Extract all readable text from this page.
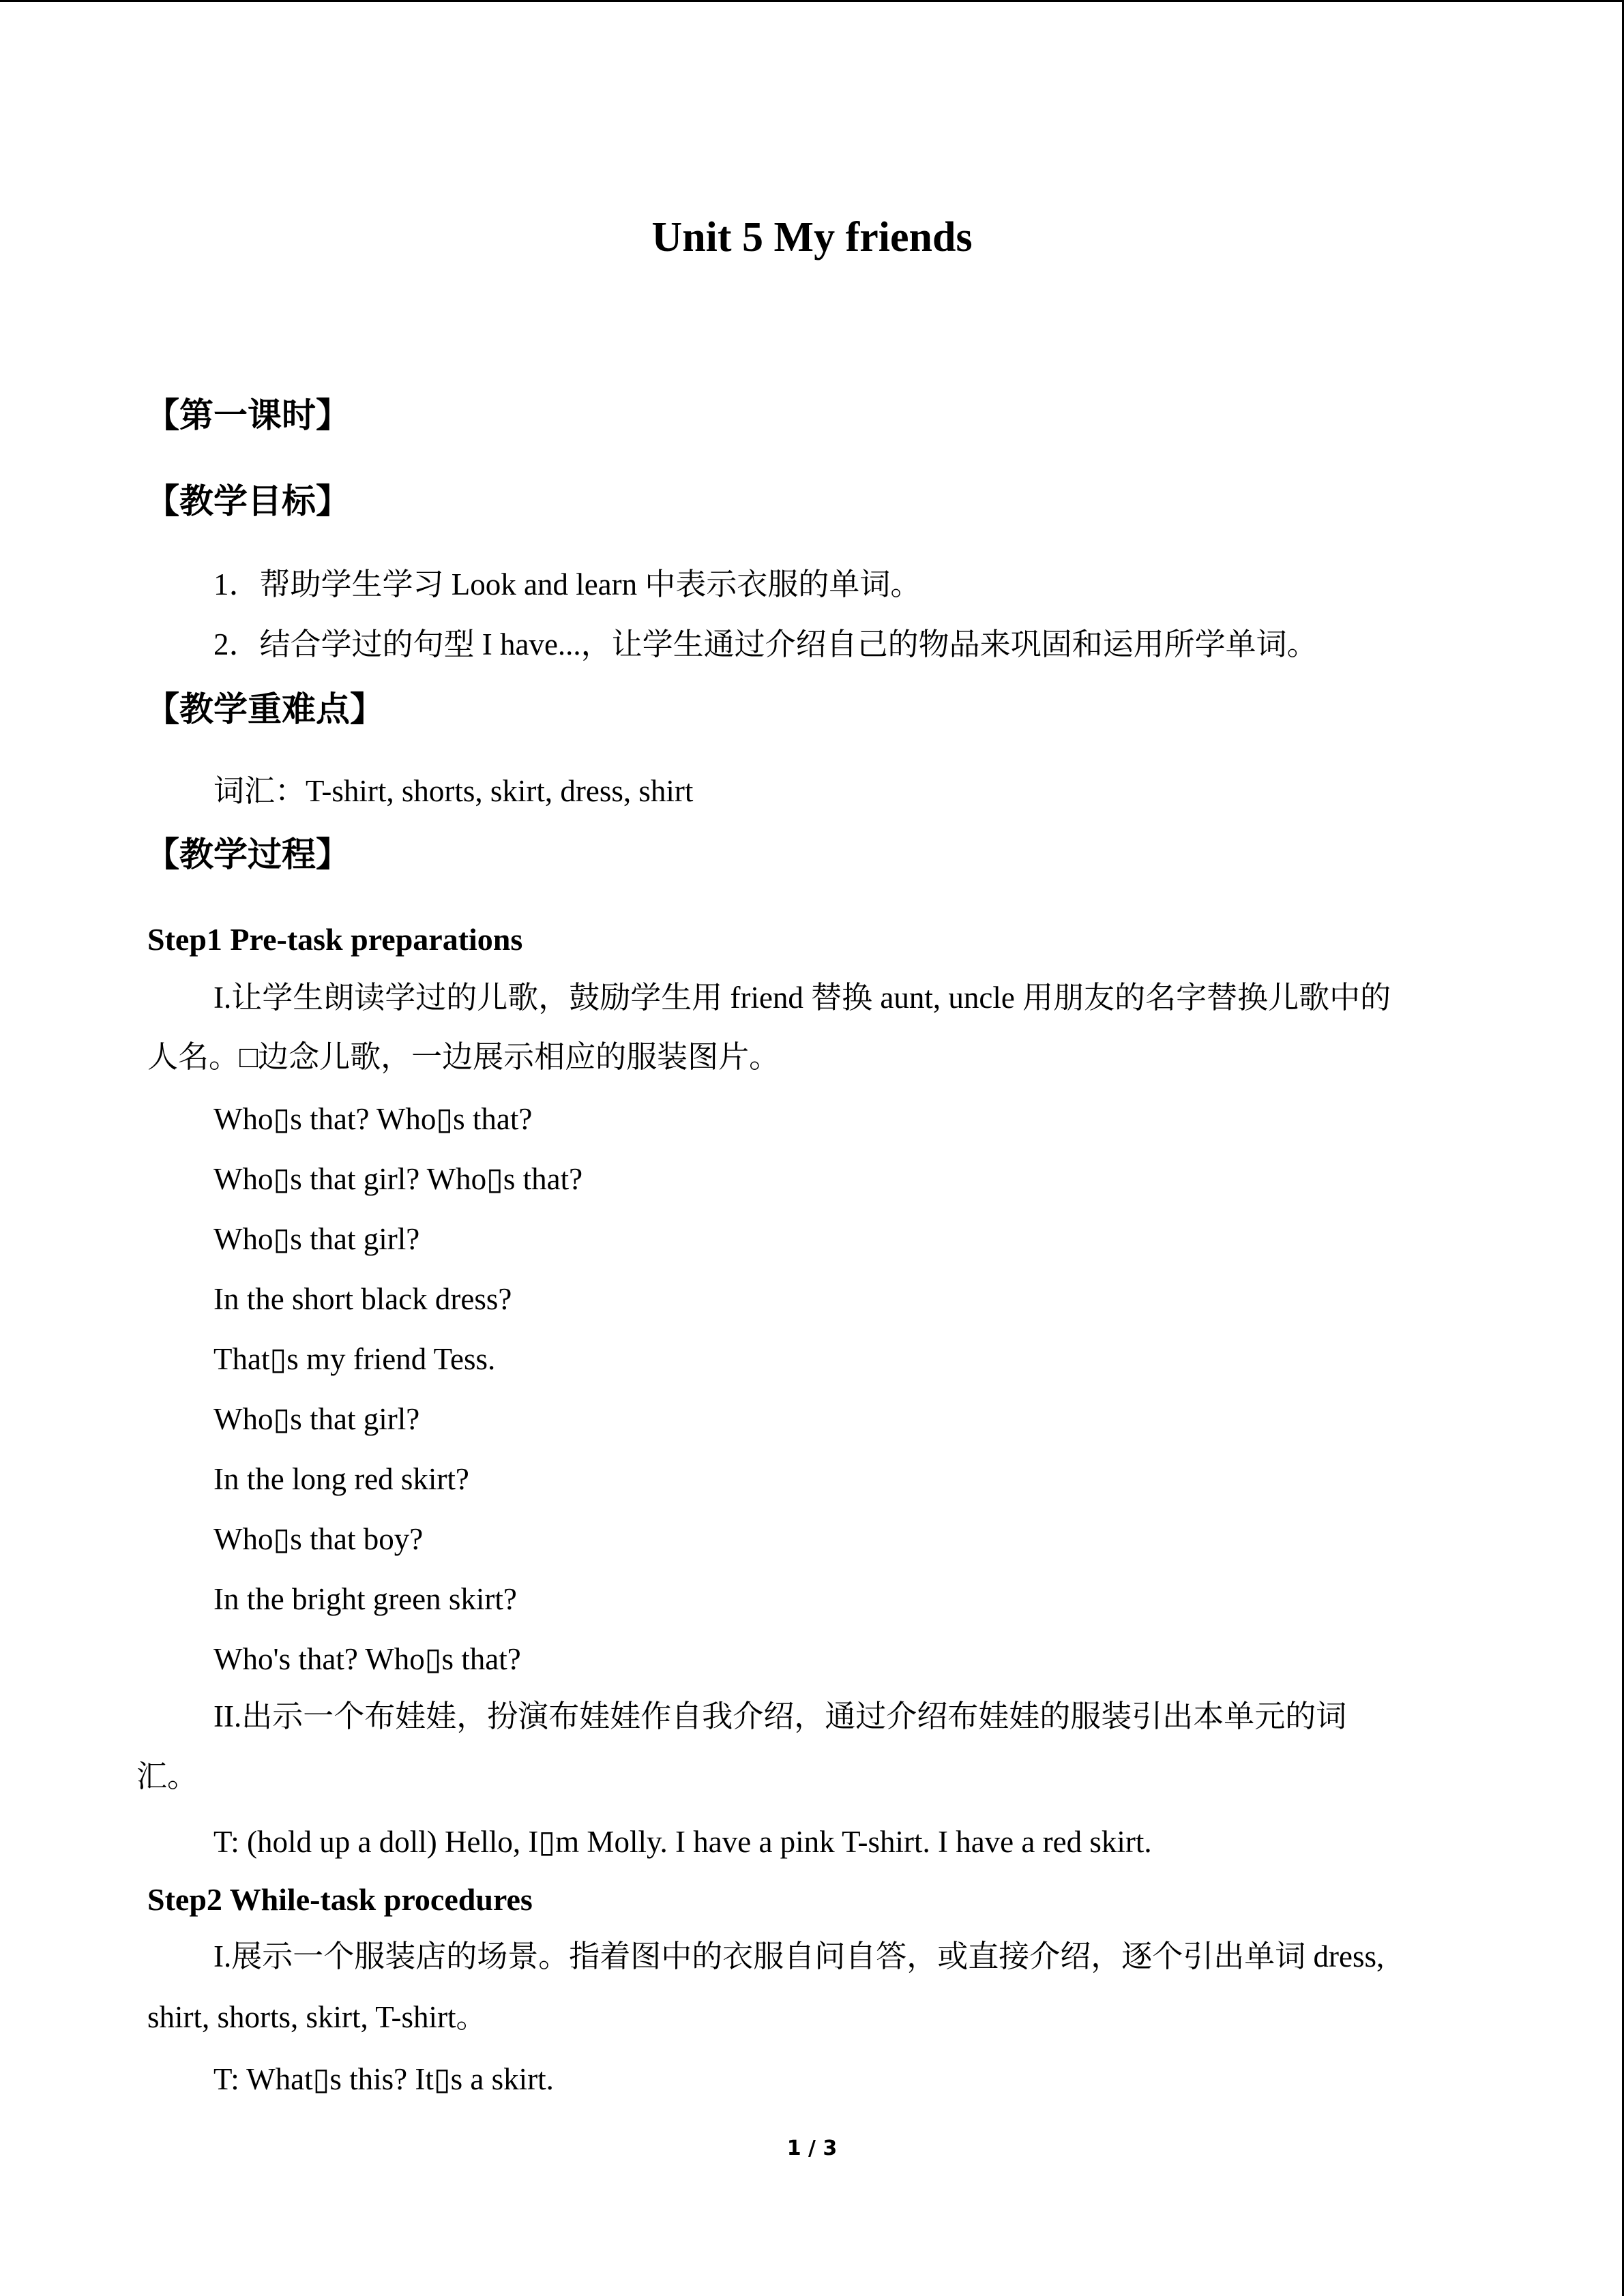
Unit 5 My friends
【第一课时】
【教学目标】

1．帮助学生学习 Look and learn 中表示衣服的单词。

2．结合学过的句型 I have...，让学生通过介绍自己的物品来巩固和运用所学单词。

【教学重难点】

词汇：T-shirt, shorts, skirt, dress, shirt

【教学过程】
Step1 Pre-task preparations

I.让学生朗读学过的儿歌，鼓励学生用 friend 替换 aunt, uncle 用朋友的名字替换儿歌中的

人名。□边念儿歌，一边展示相应的服装图片。

Who▯s that? Who▯s that?

Who▯s that girl? Who▯s that?

Who▯s that girl?

In the short black dress?

That▯s my friend Tess.

Who▯s that girl?

In the long red skirt?

Who▯s that boy?

In the bright green skirt?

Who's that? Who▯s that?

II.出示一个布娃娃，扮演布娃娃作自我介绍，通过介绍布娃娃的服装引出本单元的词

汇。

T: (hold up a doll) Hello, I▯m Molly. I have a pink T-shirt. I have a red skirt.

Step2 While-task procedures

I.展示一个服装店的场景。指着图中的衣服自问自答，或直接介绍，逐个引出单词 dress,

shirt, shorts, skirt, T-shirt。

T: What▯s this? It▯s a skirt.

1 / 3
